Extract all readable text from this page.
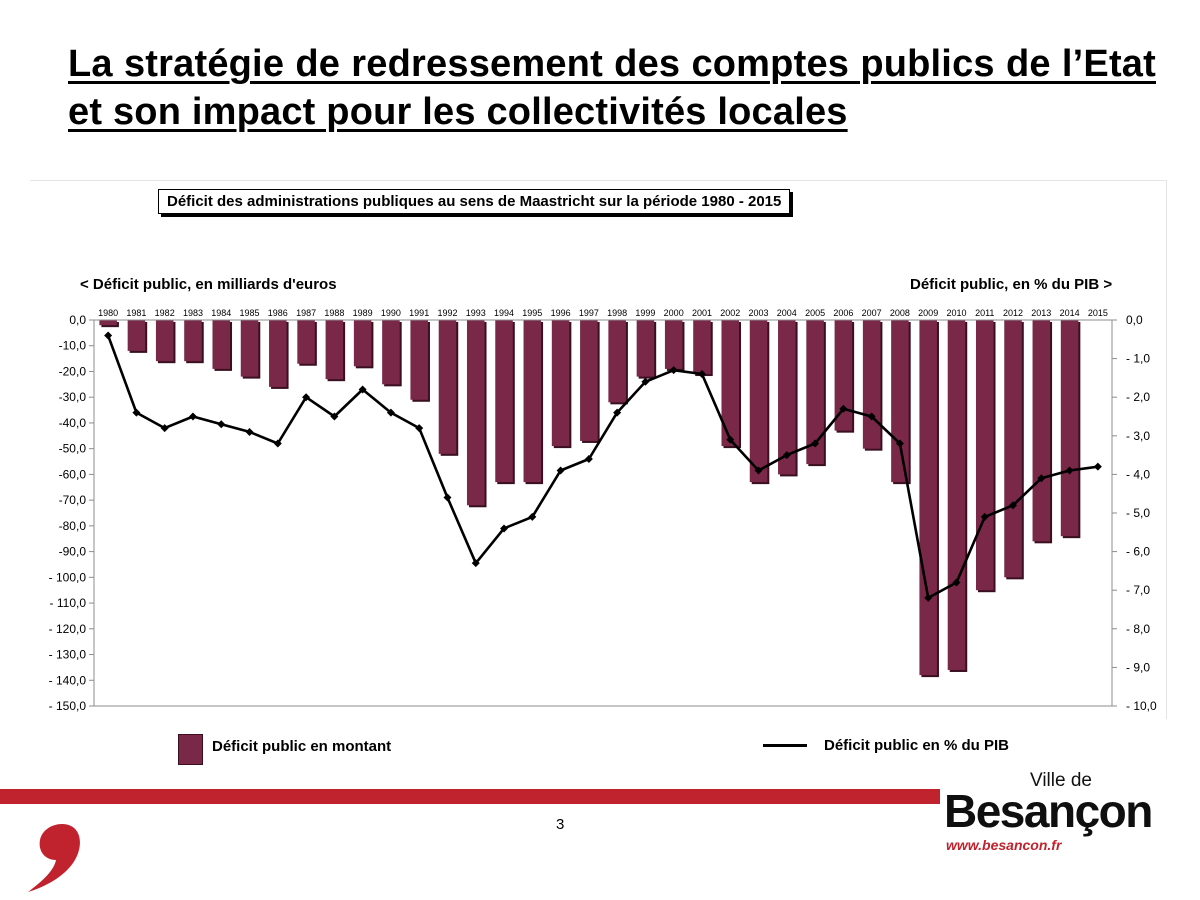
La stratégie de redressement des comptes publics de l’Etat et son impact pour les collectivités locales
0,0
-10,0
-20,0
-30,0
-40,0
-50,0
-60,0
-70,0
-80,0
-90,0
- 100,0
- 110,0
- 120,0
- 130,0
- 140,0
- 150,0
0,0
- 1,0
- 2,0
- 3,0
- 4,0
- 5,0
- 6,0
- 7,0
- 8,0
- 9,0
- 10,0
1980 1981 1982 1983 1984 1985 1986 1987 1988 1989 1990 1991 1992 1993 1994 1995 1996 1997 1998 1999 2000 2001 2002 2003 2004 2005 2006 2007 2008 2009 2010 2011 2012 2013 2014 2015
Déficit des administrations publiques au sens de Maastricht sur la période 1980 - 2015
< Déficit public, en milliards d'euros	Déficit public, en % du PIB >
Déficit public en montant	Déficit public en % du PIB
3
Ville de
Besançon
www.besancon.fr
